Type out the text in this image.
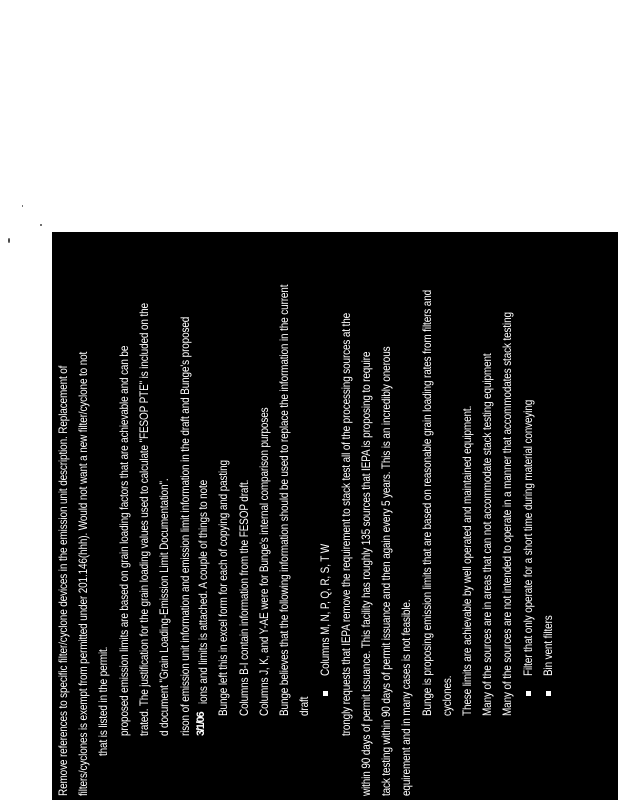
Remove references to specific filter/cyclone devices in the emission unit description. Replacement of filters/cyclones is exempt from permitted under 201.146(hhh). Would not want a new filter/cyclone to not that is listed in the permit. proposed emission limits are based on grain loading factors that are achievable and can be trated. The justification for the grain loading values used to calculate "FESOP PTE" is included on the d document "Grain Loading-Emission Limit Documentation". rison of emission unit information and emission limit information in the draft and Bunge's proposed 3/1/06
ions and limits is attached. A couple of things to note Bunge left this in excel form for each of copying and pasting Columns B-I contain information from the FESOP draft. Columns J, K, and Y-AE were for Bunge's internal comparison purposes Bunge believes that the following information should be used to replace the information in the current draft
Columns M, N, P, Q, R, S, T W trongly requests that IEPA remove the requirement to stack test all of the processing sources at the within 90 days of permit issuance. This facility has roughly 135 sources that IEPA is proposing to require tack testing within 90 days of permit issuance and then again every 5 years. This is an incredibly onerous equirement and in many cases is not feasible. Bunge is proposing emission limits that are based on reasonable grain loading rates from filters and cyclones. These limits are achievable by well operated and maintained equipment. Many of the sources are in areas that can not accommodate stack testing equipment Many of the sources are not intended to operate in a manner that accommodates stack testing Filter that only operate for a short time during material conveying Bin vent filters
